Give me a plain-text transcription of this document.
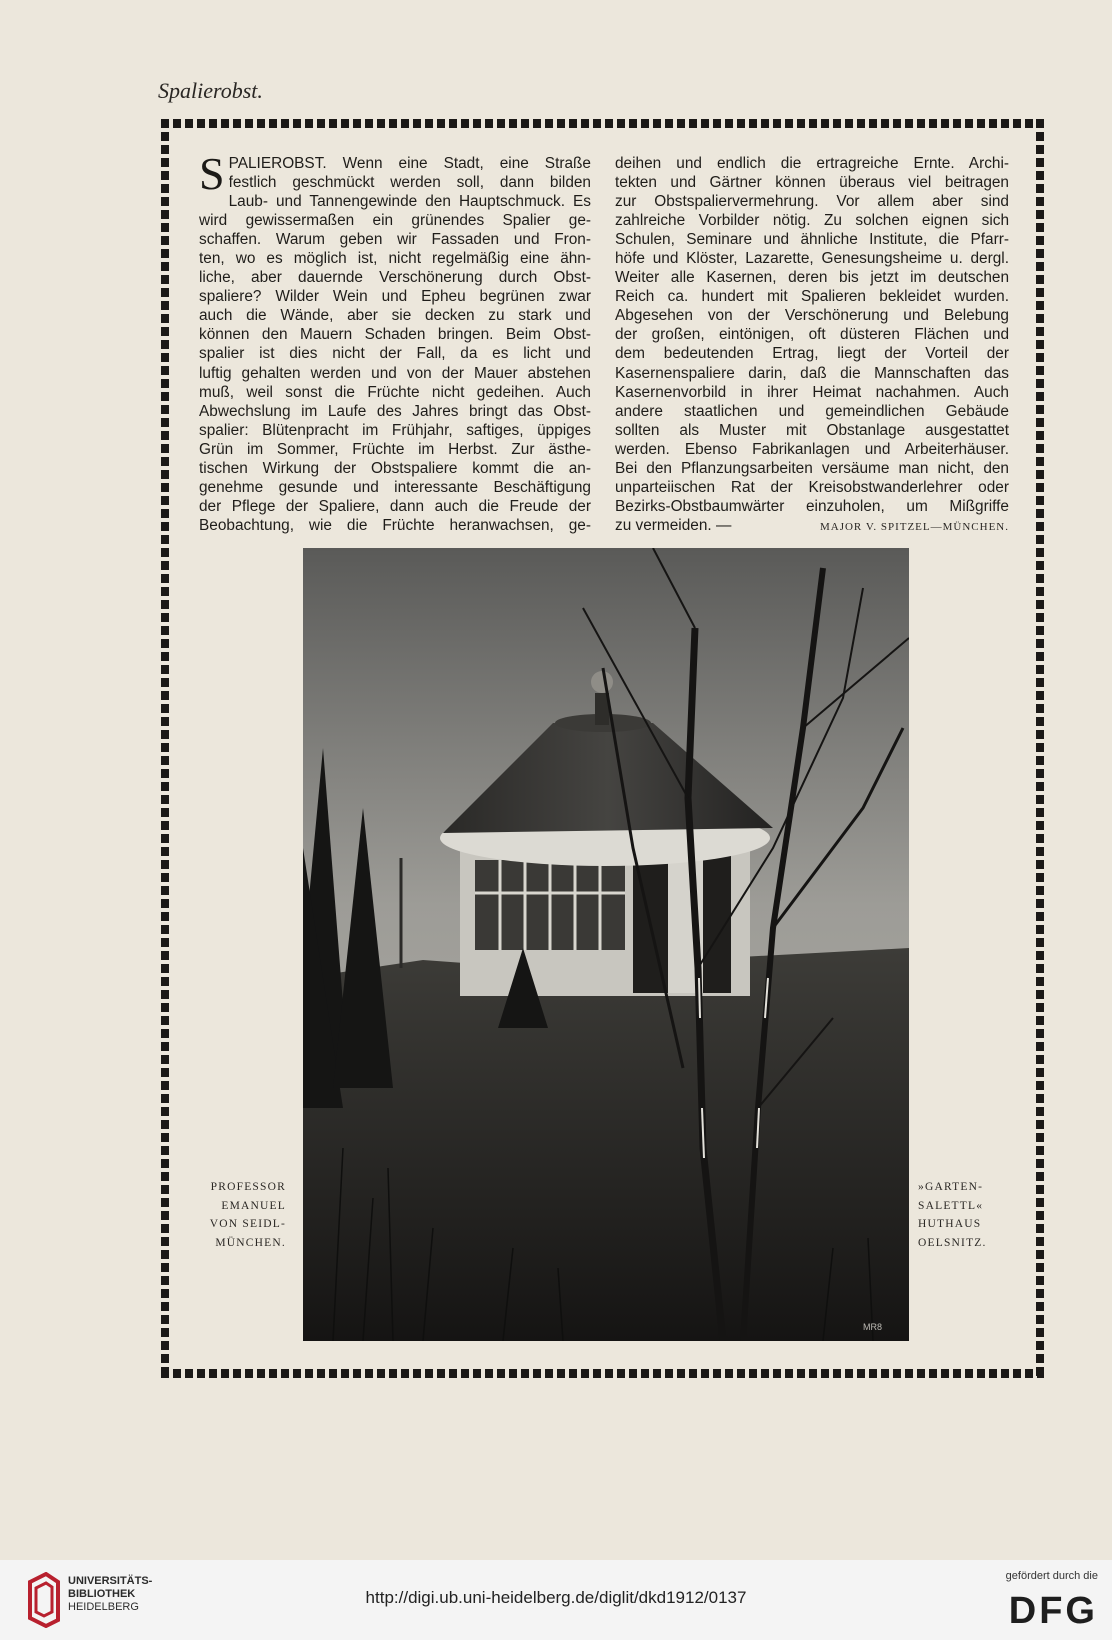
Spalierobst.
S PALIEROBST. Wenn eine Stadt, eine Straße
festlich geschmückt werden soll, dann bilden
Laub- und Tannengewinde den Hauptschmuck. Es
wird gewissermaßen ein grünendes Spalier ge-
schaffen. Warum geben wir Fassaden und Fron-
ten, wo es möglich ist, nicht regelmäßig eine ähn-
liche, aber dauernde Verschönerung durch Obst-
spaliere? Wilder Wein und Epheu begrünen zwar
auch die Wände, aber sie decken zu stark und
können den Mauern Schaden bringen. Beim Obst-
spalier ist dies nicht der Fall, da es licht und
luftig gehalten werden und von der Mauer abstehen
muß, weil sonst die Früchte nicht gedeihen. Auch
Abwechslung im Laufe des Jahres bringt das Obst-
spalier: Blütenpracht im Frühjahr, saftiges, üppiges
Grün im Sommer, Früchte im Herbst. Zur ästhe-
tischen Wirkung der Obstspaliere kommt die an-
genehme gesunde und interessante Beschäftigung
der Pflege der Spaliere, dann auch die Freude der
Beobachtung, wie die Früchte heranwachsen, ge-
deihen und endlich die ertragreiche Ernte. Archi-
tekten und Gärtner können überaus viel beitragen
zur Obstspaliervermehrung. Vor allem aber sind
zahlreiche Vorbilder nötig. Zu solchen eignen sich
Schulen, Seminare und ähnliche Institute, die Pfarr-
höfe und Klöster, Lazarette, Genesungsheime u. dergl.
Weiter alle Kasernen, deren bis jetzt im deutschen
Reich ca. hundert mit Spalieren bekleidet wurden.
Abgesehen von der Verschönerung und Belebung
der großen, eintönigen, oft düsteren Flächen und
dem bedeutenden Ertrag, liegt der Vorteil der
Kasernenspaliere darin, daß die Mannschaften das
Kasernenvorbild in ihrer Heimat nachahmen. Auch
andere staatlichen und gemeindlichen Gebäude
sollten als Muster mit Obstanlage ausgestattet
werden. Ebenso Fabrikanlagen und Arbeiterhäuser.
Bei den Pflanzungsarbeiten versäume man nicht, den
unparteiischen Rat der Kreisobstwanderlehrer oder
Bezirks-Obstbaumwärter einzuholen, um Mißgriffe
zu vermeiden. —	MAJOR V. SPITZEL—MÜNCHEN.
MR8
PROFESSOR
EMANUEL
VON SEIDL-
MÜNCHEN.
»GARTEN-
SALETTL«
HUTHAUS
OELSNITZ.
UNIVERSITÄTS-
BIBLIOTHEK
HEIDELBERG	http://digi.ub.uni-heidelberg.de/diglit/dkd1912/0137
gefördert durch die
DFG
